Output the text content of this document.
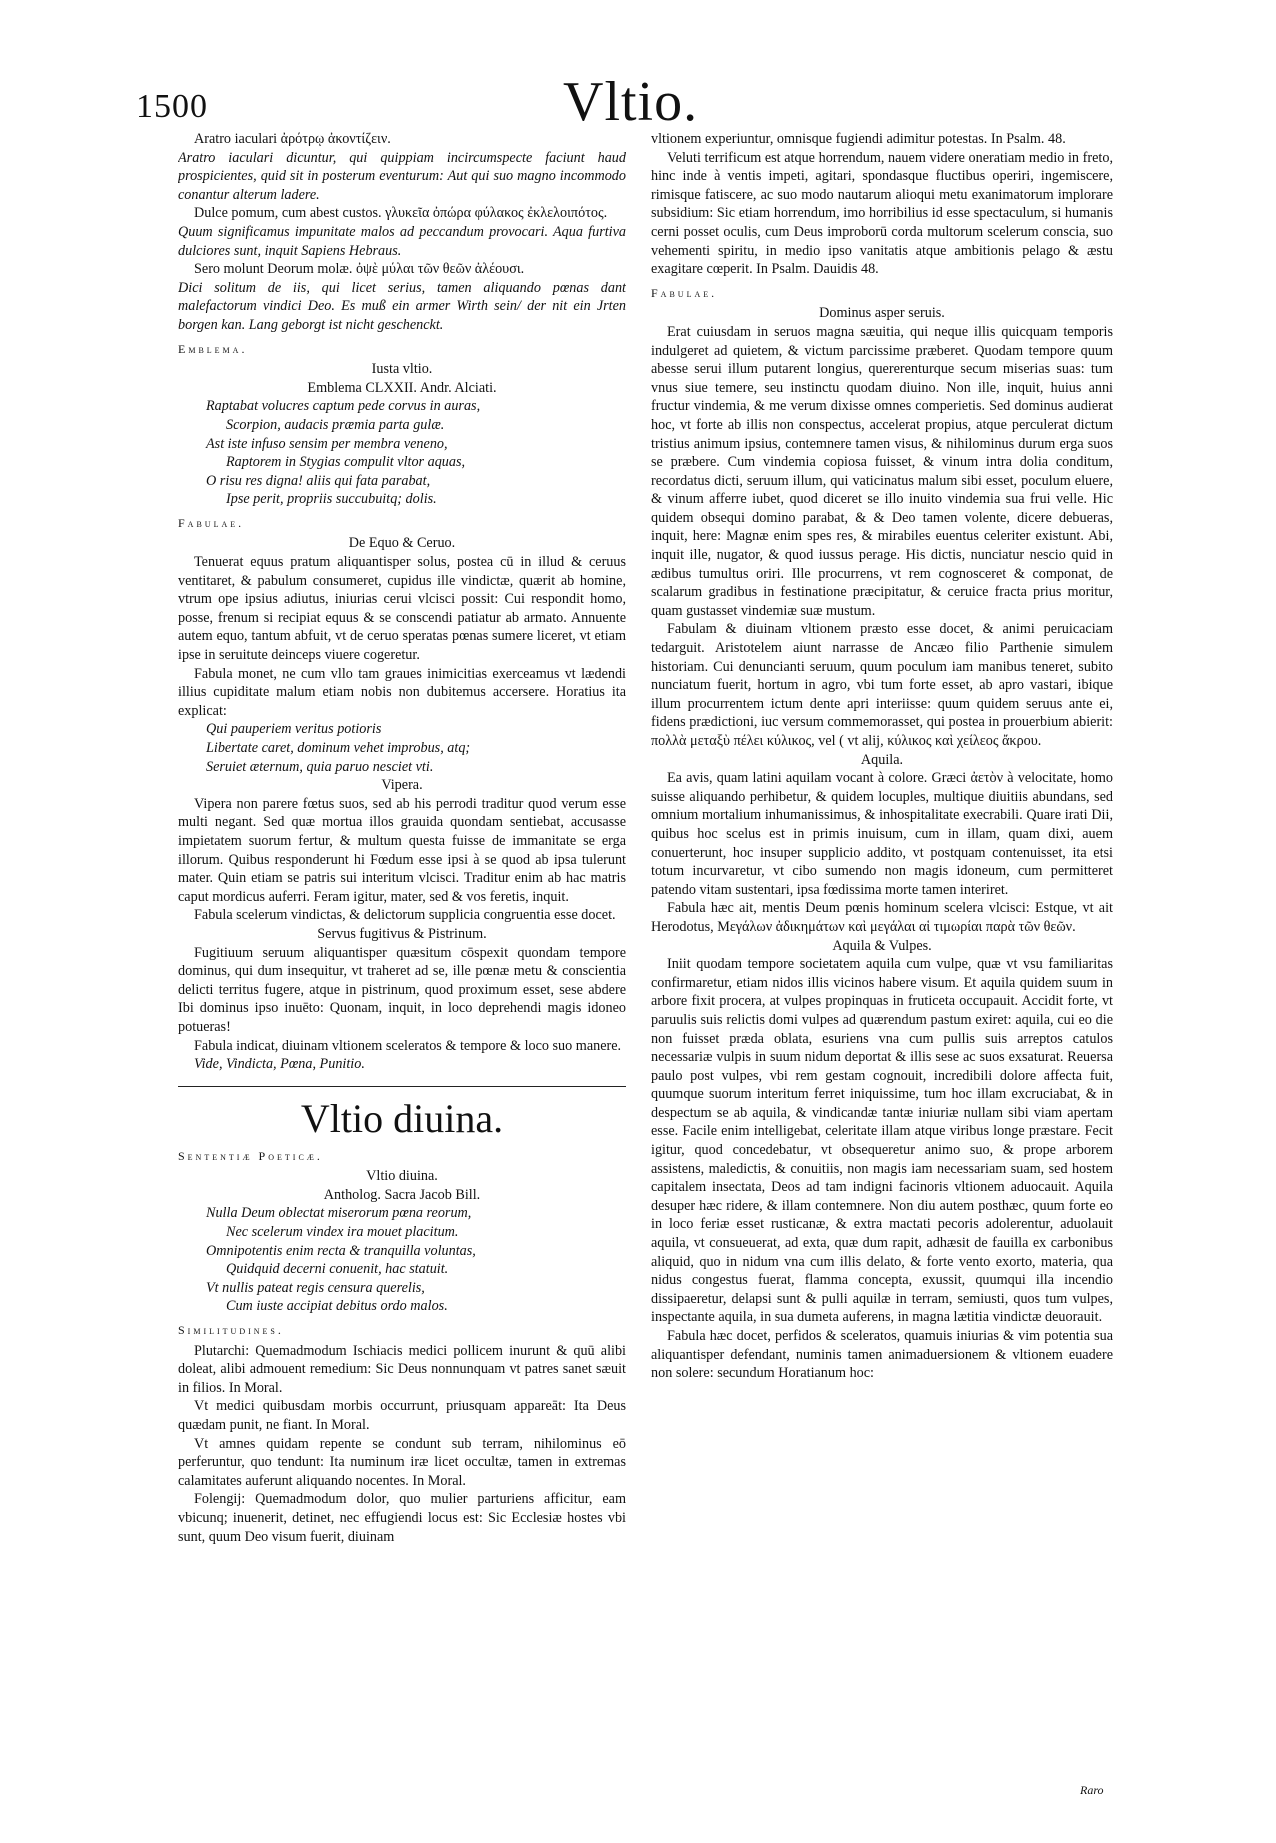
1500	Vltio.

Aratro iaculari ἀρότρῳ ἀκοντίζειν.

Aratro iaculari dicuntur, qui quippiam incircumspecte faciunt haud prospicientes, quid sit in posterum eventurum: Aut qui suo magno incommodo conantur alterum ladere.

Dulce pomum, cum abest custos. γλυκεῖα ὀπώρα φύλακος ἐκλελοιπότος.

Quum significamus impunitate malos ad peccandum provocari. Aqua furtiva dulciores sunt, inquit Sapiens Hebraus.

Sero molunt Deorum molæ. ὀψὲ μύλαι τῶν θεῶν ἀλέουσι.

Dici solitum de iis, qui licet serius, tamen aliquando pœnas dant malefactorum vindici Deo. Es muß ein armer Wirth sein/ der nit ein Jrten borgen kan. Lang geborgt ist nicht geschenckt.

Emblema.

Iusta vltio.

Emblema CLXXII. Andr. Alciati.

Raptabat volucres captum pede corvus in auras,

Scorpion, audacis præmia parta gulæ.

Ast iste infuso sensim per membra veneno,

Raptorem in Stygias compulit vltor aquas,

O risu res digna! aliis qui fata parabat,

Ipse perit, propriis succubuitq; dolis.

Fabulae.

De Equo & Ceruo.

Tenuerat equus pratum aliquantisper solus, postea cū in illud & ceruus ventitaret, & pabulum consumeret, cupidus ille vindictæ, quærit ab homine, vtrum ope ipsius adiutus, iniurias cerui vlcisci possit: Cui respondit homo, posse, frenum si recipiat equus & se conscendi patiatur ab armato. Annuente autem equo, tantum abfuit, vt de ceruo speratas pœnas sumere liceret, vt etiam ipse in seruitute deinceps viuere cogeretur.

Fabula monet, ne cum vllo tam graues inimicitias exerceamus vt lædendi illius cupiditate malum etiam nobis non dubitemus accersere. Horatius ita explicat:

Qui pauperiem veritus potioris

Libertate caret, dominum vehet improbus, atq;

Seruiet æternum, quia paruo nesciet vti.

Vipera.

Vipera non parere fœtus suos, sed ab his perrodi traditur quod verum esse multi negant. Sed quæ mortua illos grauida quondam sentiebat, accusasse impietatem suorum fertur, & multum questa fuisse de immanitate se erga illorum. Quibus responderunt hi Fœdum esse ipsi à se quod ab ipsa tulerunt mater. Quin etiam se patris sui interitum vlcisci. Traditur enim ab hac matris caput mordicus auferri. Feram igitur, mater, sed & vos feretis, inquit.

Fabula scelerum vindictas, & delictorum supplicia congruentia esse docet.

Servus fugitivus & Pistrinum.

Fugitiuum seruum aliquantisper quæsitum cōspexit quondam tempore dominus, qui dum insequitur, vt traheret ad se, ille pœnæ metu & conscientia delicti territus fugere, atque in pistrinum, quod proximum esset, sese abdere Ibi dominus ipso inuēto: Quonam, inquit, in loco deprehendi magis idoneo potueras!

Fabula indicat, diuinam vltionem sceleratos & tempore & loco suo manere.

Vide, Vindicta, Pœna, Punitio.

Vltio diuina.

Sententiæ Poeticæ.

Vltio diuina.

Antholog. Sacra Jacob Bill.

Nulla Deum oblectat miserorum pœna reorum,

Nec scelerum vindex ira mouet placitum.

Omnipotentis enim recta & tranquilla voluntas,

Quidquid decerni conuenit, hac statuit.

Vt nullis pateat regis censura querelis,

Cum iuste accipiat debitus ordo malos.

Similitudines.

Plutarchi: Quemadmodum Ischiacis medici pollicem inurunt & quū alibi doleat, alibi admouent remedium: Sic Deus nonnunquam vt patres sanet sæuit in filios. In Moral.

Vt medici quibusdam morbis occurrunt, priusquam appareāt: Ita Deus quædam punit, ne fiant. In Moral.

Vt amnes quidam repente se condunt sub terram, nihilominus eō perferuntur, quo tendunt: Ita numinum iræ licet occultæ, tamen in extremas calamitates auferunt aliquando nocentes. In Moral.

Folengij: Quemadmodum dolor, quo mulier parturiens afficitur, eam vbicunq; inuenerit, detinet, nec effugiendi locus est: Sic Ecclesiæ hostes vbi sunt, quum Deo visum fuerit, diuinam

vltionem experiuntur, omnisque fugiendi adimitur potestas. In Psalm. 48.

Veluti terrificum est atque horrendum, nauem videre oneratiam medio in freto, hinc inde à ventis impeti, agitari, spondasque fluctibus operiri, ingemiscere, rimisque fatiscere, ac suo modo nautarum alioqui metu exanimatorum implorare subsidium: Sic etiam horrendum, imo horribilius id esse spectaculum, si humanis cerni posset oculis, cum Deus improborū corda multorum scelerum conscia, suo vehementi spiritu, in medio ipso vanitatis atque ambitionis pelago & æstu exagitare cœperit. In Psalm. Dauidis 48.

Fabulae.

Dominus asper seruis.

Erat cuiusdam in seruos magna sæuitia, qui neque illis quicquam temporis indulgeret ad quietem, & victum parcissime præberet. Quodam tempore quum abesse serui illum putarent longius, quererenturque secum miserias suas: tum vnus siue temere, seu instinctu quodam diuino. Non ille, inquit, huius anni fructur vindemia, & me verum dixisse omnes comperietis. Sed dominus audierat hoc, vt forte ab illis non conspectus, accelerat propius, atque perculerat dictum tristius animum ipsius, contemnere tamen visus, & nihilominus durum erga suos se præbere. Cum vindemia copiosa fuisset, & vinum intra dolia conditum, recordatus dicti, seruum illum, qui vaticinatus malum sibi esset, poculum eluere, & vinum afferre iubet, quod diceret se illo inuito vindemia sua frui velle. Hic quidem obsequi domino parabat, & & Deo tamen volente, dicere debueras, inquit, here: Magnæ enim spes res, & mirabiles euentus celeriter existunt. Abi, inquit ille, nugator, & quod iussus perage. His dictis, nunciatur nescio quid in ædibus tumultus oriri. Ille procurrens, vt rem cognosceret & componat, de scalarum gradibus in festinatione præcipitatur, & ceruice fracta prius moritur, quam gustasset vindemiæ suæ mustum.

Fabulam & diuinam vltionem præsto esse docet, & animi peruicaciam tedarguit. Aristotelem aiunt narrasse de Ancæo filio Parthenie simulem historiam. Cui denuncianti seruum, quum poculum iam manibus teneret, subito nunciatum fuerit, hortum in agro, vbi tum forte esset, ab apro vastari, ibique illum procurrentem ictum dente apri interiisse: quum quidem seruus ante ei, fidens prædictioni, iuc versum commemorasset, qui postea in prouerbium abierit: πολλὰ μεταξὺ πέλει κύλικος, vel ( vt alij, κύλικος καὶ χείλεος ἄκρου.

Aquila.

Ea avis, quam latini aquilam vocant à colore. Græci ἀετὸν à velocitate, homo suisse aliquando perhibetur, & quidem locuples, multique diuitiis abundans, sed omnium mortalium inhumanissimus, & inhospitalitate execrabili. Quare irati Dii, quibus hoc scelus est in primis inuisum, cum in illam, quam dixi, auem conuerterunt, hoc insuper supplicio addito, vt postquam contenuisset, ita etsi totum incurvaretur, vt cibo sumendo non magis idoneum, cum permitteret patendo vitam sustentari, ipsa fœdissima morte tamen interiret.

Fabula hæc ait, mentis Deum pœnis hominum scelera vlcisci: Estque, vt ait Herodotus, Μεγάλων ἀδικημάτων καὶ μεγάλαι αἱ τιμωρίαι παρὰ τῶν θεῶν.

Aquila & Vulpes.

Iniit quodam tempore societatem aquila cum vulpe, quæ vt vsu familiaritas confirmaretur, etiam nidos illis vicinos habere visum. Et aquila quidem suum in arbore fixit procera, at vulpes propinquas in fruticeta occupauit. Accidit forte, vt paruulis suis relictis domi vulpes ad quærendum pastum exiret: aquila, cui eo die non fuisset præda oblata, esuriens vna cum pullis suis arreptos catulos necessariæ vulpis in suum nidum deportat & illis sese ac suos exsaturat. Reuersa paulo post vulpes, vbi rem gestam cognouit, incredibili dolore affecta fuit, quumque suorum interitum ferret iniquissime, tum hoc illam excruciabat, & in despectum se ab aquila, & vindicandæ tantæ iniuriæ nullam sibi viam apertam esse. Facile enim intelligebat, celeritate illam atque viribus longe præstare. Fecit igitur, quod concedebatur, vt obsequeretur animo suo, & prope arborem assistens, maledictis, & conuitiis, non magis iam necessariam suam, sed hostem capitalem insectata, Deos ad tam indigni facinoris vltionem aduocauit. Aquila desuper hæc ridere, & illam contemnere. Non diu autem posthæc, quum forte eo in loco feriæ esset rusticanæ, & extra mactati pecoris adolerentur, aduolauit aquila, vt consueuerat, ad exta, quæ dum rapit, adhæsit de fauilla ex carbonibus aliquid, quo in nidum vna cum illis delato, & forte vento exorto, materia, qua nidus congestus fuerat, flamma concepta, exussit, quumqui illa incendio dissipaeretur, delapsi sunt & pulli aquilæ in terram, semiusti, quos tum vulpes, inspectante aquila, in sua dumeta auferens, in magna lætitia vindictæ deuorauit.

Fabula hæc docet, perfidos & sceleratos, quamuis iniurias & vim potentia sua aliquantisper defendant, numinis tamen animaduersionem & vltionem euadere non solere: secundum Horatianum hoc:

Raro
